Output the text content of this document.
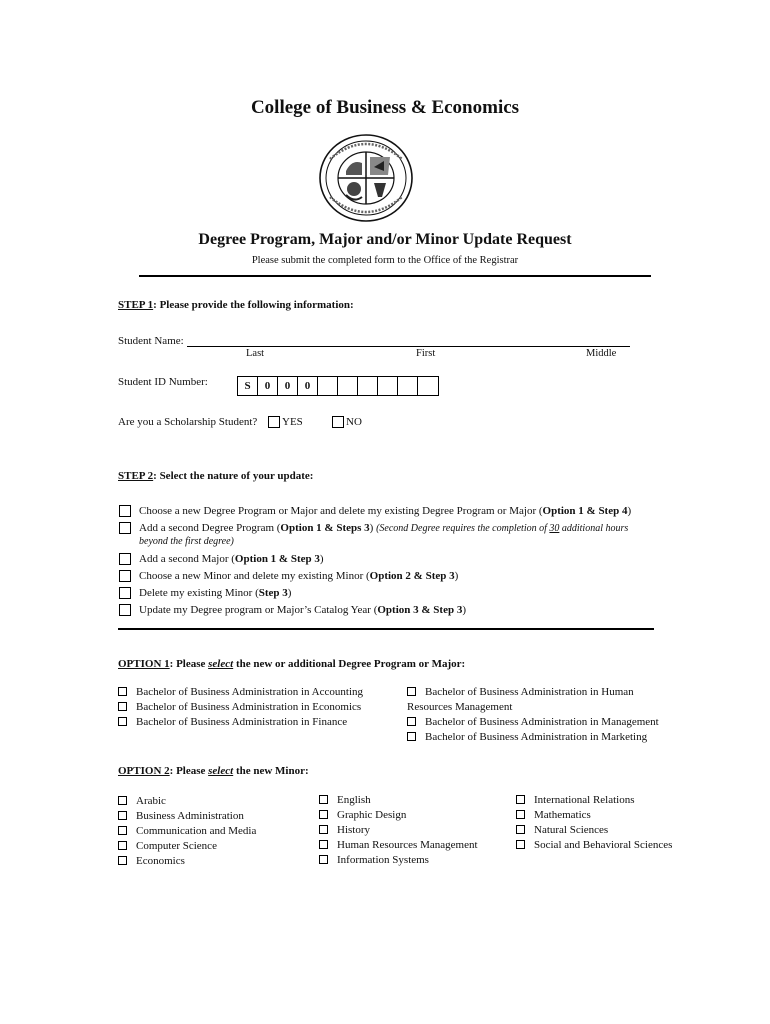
College of Business & Economics
Degree Program, Major and/or Minor Update Request
Please submit the completed form to the Office of the Registrar
STEP 1: Please provide the following information:
Student Name:
Last	First	Middle
Student ID Number:	S	0	0	0
Are you a Scholarship Student? YES	NO
STEP 2: Select the nature of your update:
Choose a new Degree Program or Major and delete my existing Degree Program or Major (Option 1 & Step 4)
Add a second Degree Program (Option 1 & Steps 3) (Second Degree requires the completion of 30 additional hours
beyond the first degree)
Add a second Major (Option 1 & Step 3)
Choose a new Minor and delete my existing Minor (Option 2 & Step 3)
Delete my existing Minor (Step 3)
Update my Degree program or Major’s Catalog Year (Option 3 & Step 3)
OPTION 1: Please select the new or additional Degree Program or Major:
Bachelor of Business Administration in Accounting
Bachelor of Business Administration in Economics
Bachelor of Business Administration in Finance
Bachelor of Business Administration in Human
Resources Management
Bachelor of Business Administration in Management
Bachelor of Business Administration in Marketing
OPTION 2: Please select the new Minor:
Arabic
Business Administration
Communication and Media
Computer Science
Economics
English
Graphic Design
History
Human Resources Management
Information Systems
International Relations
Mathematics
Natural Sciences
Social and Behavioral Sciences
